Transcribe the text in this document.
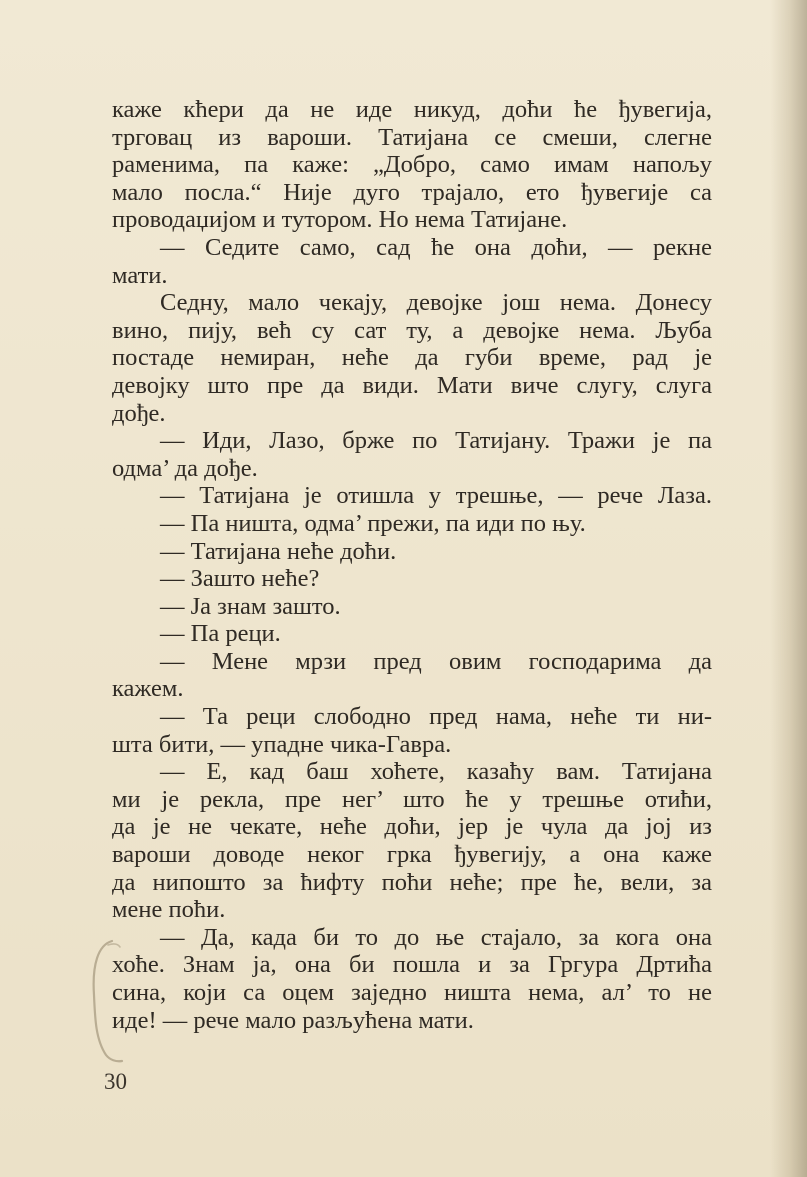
каже кћери да не иде никуд, доћи ће ђувегија,
трговац из вароши. Татијана се смеши, слегне
раменима, па каже: „Добро, само имам напољу
мало посла.“ Није дуго трајало, ето ђувегије са
проводаџијом и тутором. Но нема Татијане.
— Седите само, сад ће она доћи, — рекне
мати.
Седну, мало чекају, девојке још нема. Донесу
вино, пију, већ су сат ту, а девојке нема. Љуба
постаде немиран, неће да губи време, рад је
девојку што пре да види. Мати виче слугу, слуга
дође.
— Иди, Лазо, брже по Татијану. Тражи је па
одма’ да дође.
— Татијана је отишла у трешње, — рече Лаза.
— Па ништа, одма’ прежи, па иди по њу.
— Татијана неће доћи.
— Зашто неће?
— Ја знам зашто.
— Па реци.
— Мене мрзи пред овим господарима да
кажем.
— Та реци слободно пред нама, неће ти ни-
шта бити, — упадне чика-Гавра.
— Е, кад баш хоћете, казаћу вам. Татијана
ми је рекла, пре нег’ што ће у трешње отићи,
да је не чекате, неће доћи, јер је чула да јој из
вароши доводе неког грка ђувегију, а она каже
да нипошто за ћифту поћи неће; пре ће, вели, за
мене поћи.
— Да, када би то до ње стајало, за кога она
хоће. Знам ја, она би пошла и за Гргура Дртића
сина, који са оцем заједно ништа нема, ал’ то не
иде! — рече мало разљућена мати.
30
